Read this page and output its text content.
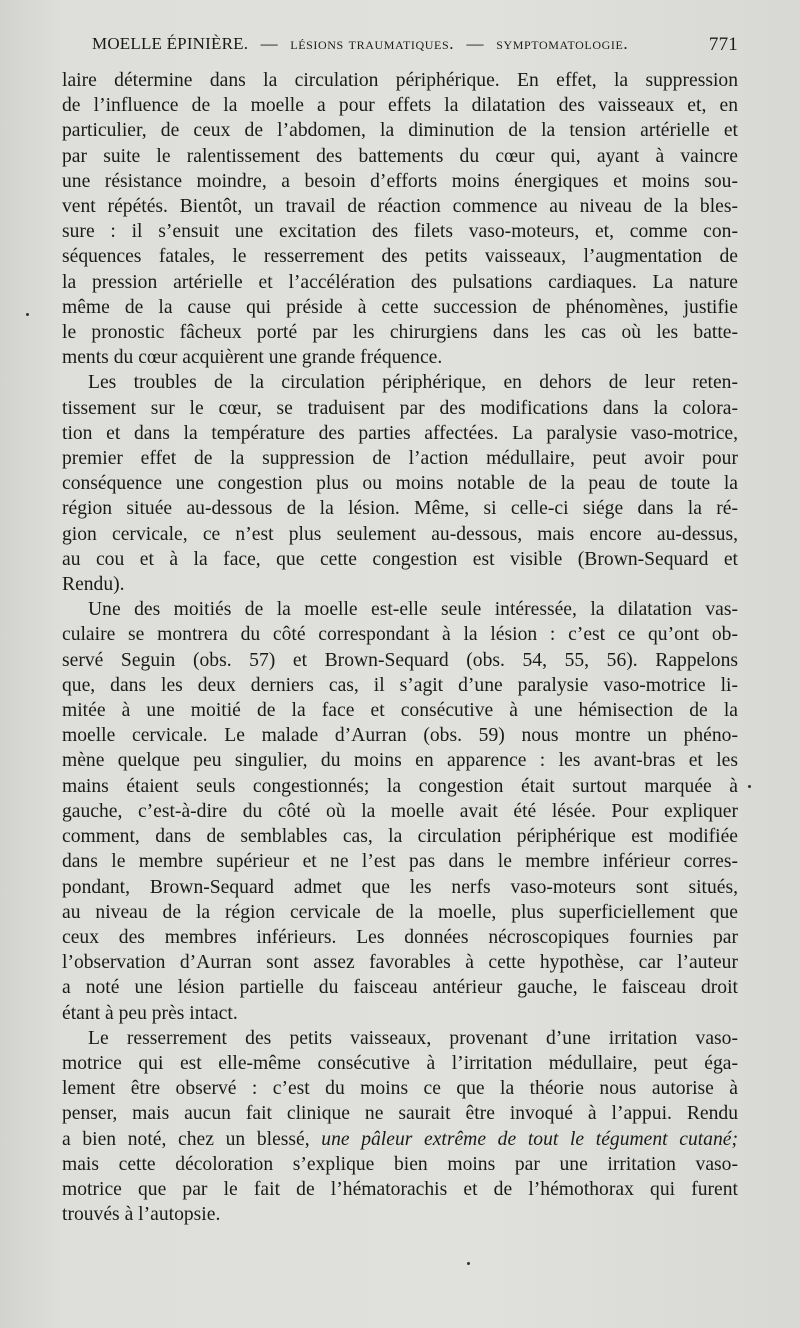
MOELLE ÉPINIÈRE. — lésions traumatiques. — symptomatologie.	771
laire détermine dans la circulation périphérique. En effet, la suppression
de l’influence de la moelle a pour effets la dilatation des vaisseaux et, en
particulier, de ceux de l’abdomen, la diminution de la tension artérielle et
par suite le ralentissement des battements du cœur qui, ayant à vaincre
une résistance moindre, a besoin d’efforts moins énergiques et moins sou-
vent répétés. Bientôt, un travail de réaction commence au niveau de la bles-
sure : il s’ensuit une excitation des filets vaso-moteurs, et, comme con-
séquences fatales, le resserrement des petits vaisseaux, l’augmentation de
la pression artérielle et l’accélération des pulsations cardiaques. La nature
même de la cause qui préside à cette succession de phénomènes, justifie
le pronostic fâcheux porté par les chirurgiens dans les cas où les batte-
ments du cœur acquièrent une grande fréquence.
Les troubles de la circulation périphérique, en dehors de leur reten-
tissement sur le cœur, se traduisent par des modifications dans la colora-
tion et dans la température des parties affectées. La paralysie vaso-motrice,
premier effet de la suppression de l’action médullaire, peut avoir pour
conséquence une congestion plus ou moins notable de la peau de toute la
région située au-dessous de la lésion. Même, si celle-ci siége dans la ré-
gion cervicale, ce n’est plus seulement au-dessous, mais encore au-dessus,
au cou et à la face, que cette congestion est visible (Brown-Sequard et
Rendu).
Une des moitiés de la moelle est-elle seule intéressée, la dilatation vas-
culaire se montrera du côté correspondant à la lésion : c’est ce qu’ont ob-
servé Seguin (obs. 57) et Brown-Sequard (obs. 54, 55, 56). Rappelons
que, dans les deux derniers cas, il s’agit d’une paralysie vaso-motrice li-
mitée à une moitié de la face et consécutive à une hémisection de la
moelle cervicale. Le malade d’Aurran (obs. 59) nous montre un phéno-
mène quelque peu singulier, du moins en apparence : les avant-bras et les
mains étaient seuls congestionnés; la congestion était surtout marquée à
gauche, c’est-à-dire du côté où la moelle avait été lésée. Pour expliquer
comment, dans de semblables cas, la circulation périphérique est modifiée
dans le membre supérieur et ne l’est pas dans le membre inférieur corres-
pondant, Brown-Sequard admet que les nerfs vaso-moteurs sont situés,
au niveau de la région cervicale de la moelle, plus superficiellement que
ceux des membres inférieurs. Les données nécroscopiques fournies par
l’observation d’Aurran sont assez favorables à cette hypothèse, car l’auteur
a noté une lésion partielle du faisceau antérieur gauche, le faisceau droit
étant à peu près intact.
Le resserrement des petits vaisseaux, provenant d’une irritation vaso-
motrice qui est elle-même consécutive à l’irritation médullaire, peut éga-
lement être observé : c’est du moins ce que la théorie nous autorise à
penser, mais aucun fait clinique ne saurait être invoqué à l’appui. Rendu
a bien noté, chez un blessé, une pâleur extrême de tout le tégument cutané;
mais cette décoloration s’explique bien moins par une irritation vaso-
motrice que par le fait de l’hématorachis et de l’hémothorax qui furent
trouvés à l’autopsie.
